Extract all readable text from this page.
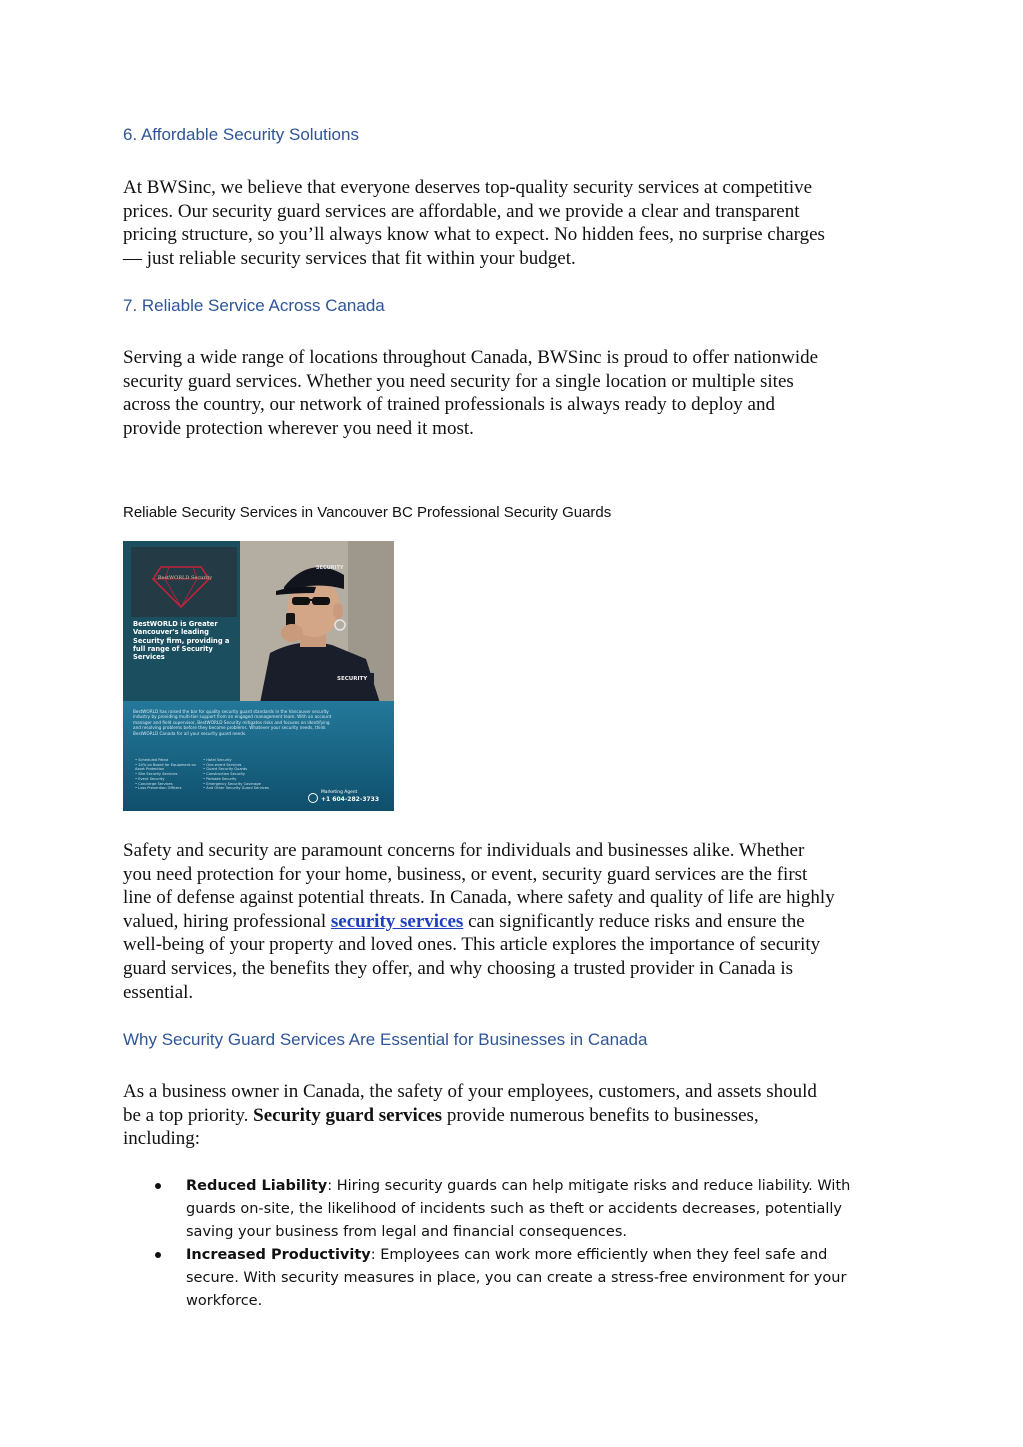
6. Affordable Security Solutions

At BWSinc, we believe that everyone deserves top-quality security services at competitive
prices. Our security guard services are affordable, and we provide a clear and transparent
pricing structure, so you’ll always know what to expect. No hidden fees, no surprise charges
— just reliable security services that fit within your budget.

7. Reliable Service Across Canada

Serving a wide range of locations throughout Canada, BWSinc is proud to offer nationwide
security guard services. Whether you need security for a single location or multiple sites
across the country, our network of trained professionals is always ready to deploy and
provide protection wherever you need it most.

Reliable Security Services in Vancouver BC Professional Security Guards

BestWORLD Security
BestWORLD is Greater
Vancouver's leading
Security firm, providing a
full range of Security
Services
SECURITY
SECURITY
BestWORLD has raised the bar for quality security guard standards in the Vancouver security
industry by providing multi-tier support from an engaged management team. With an account
manager and field supervisor, BestWORLD Security mitigates risks and focuses on identifying
and resolving problems before they become problems. Whatever your security needs, think
BestWORLD Canada for all your security guard needs.
• Scheduled Patrol
• 24% on Board for Equipment on
Asset Protection
• Site Security Services
• Event Security
• Concierge Services
• Loss Prevention Officers
• Hotel Security
• One-event Services
• Guard Security Guards
• Construction Security
• Parkade Security
• Emergency Security Coverage
• And Other Security Guard Services
Marketing Agent
+1 604-282-3733

Safety and security are paramount concerns for individuals and businesses alike. Whether
you need protection for your home, business, or event, security guard services are the first
line of defense against potential threats. In Canada, where safety and quality of life are highly
valued, hiring professional security services can significantly reduce risks and ensure the
well-being of your property and loved ones. This article explores the importance of security
guard services, the benefits they offer, and why choosing a trusted provider in Canada is
essential.

Why Security Guard Services Are Essential for Businesses in Canada

As a business owner in Canada, the safety of your employees, customers, and assets should
be a top priority. Security guard services provide numerous benefits to businesses,
including:

Reduced Liability: Hiring security guards can help mitigate risks and reduce liability. With
guards on-site, the likelihood of incidents such as theft or accidents decreases, potentially
saving your business from legal and financial consequences.
Increased Productivity: Employees can work more efficiently when they feel safe and
secure. With security measures in place, you can create a stress-free environment for your
workforce.
